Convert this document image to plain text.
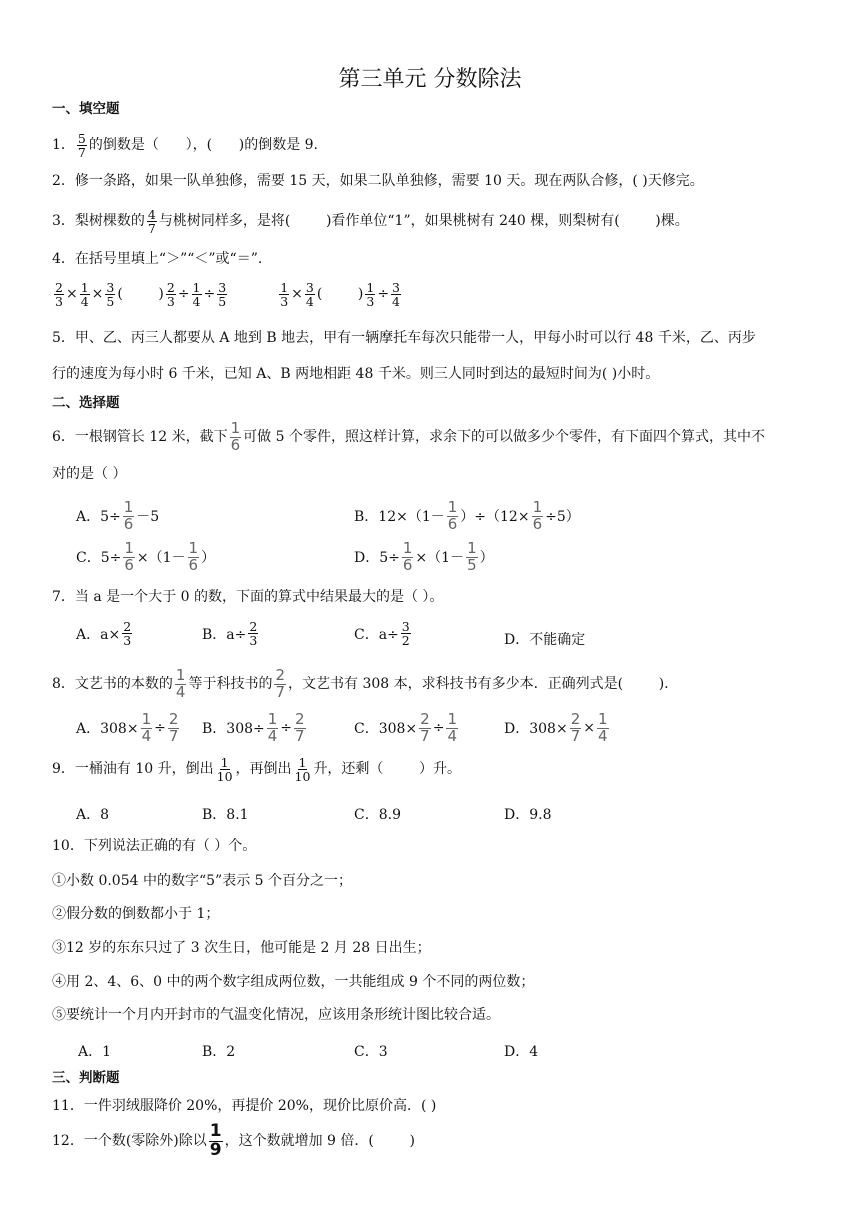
第三单元 分数除法
一、填空题
1． $\frac{5}{7}$ 的倒数是（      ），(      )的倒数是 9.
2．修一条路，如果一队单独修，需要 15 天，如果二队单独修，需要 10 天。现在两队合修，( )天修完。
3．梨树棵数的 $\frac{4}{7}$ 与桃树同样多，是将(        )看作单位“1”，如果桃树有 240 棵，则梨树有(        )棵。
4．在括号里填上“＞”“＜”或“＝”.
$\frac{2}{3} \times \frac{1}{4} \times \frac{3}{5}$ (        ) $\frac{2}{3} \div \frac{1}{4} \div \frac{3}{5}$	$\frac{1}{3} \times \frac{3}{4}$ (        ) $\frac{1}{3} \div \frac{3}{4}$
5．甲、乙、丙三人都要从 A 地到 B 地去，甲有一辆摩托车每次只能带一人，甲每小时可以行 48 千米，乙、丙步
行的速度为每小时 6 千米，已知 A、B 两地相距 48 千米。则三人同时到达的最短时间为( )小时。
二、选择题
6．一根钢管长 12 米，截下 $\frac{1}{6}$ 可做 5 个零件，照这样计算，求余下的可以做多少个零件，有下面四个算式，其中不
对的是（ ）
A．$5\div \frac{1}{6} -5$	B．$12\times(1- \frac{1}{6} )\div(12\times \frac{1}{6} \div 5)$
C．$5\div \frac{1}{6} \times(1- \frac{1}{6}$ ）	D．$5\div \frac{1}{6} \times(1- \frac{1}{5}$ ）
7．当 a 是一个大于 0 的数，下面的算式中结果最大的是（ ）。
A．$a\times \frac{2}{3}$	B．$a\div \frac{2}{3}$	C．$a\div \frac{3}{2}$	D．不能确定
8．文艺书的本数的 $\frac{1}{4}$ 等于科技书的 $\frac{2}{7}$ ，文艺书有 308 本，求科技书有多少本．正确列式是(        ).
A．$308\times \frac{1}{4} \div \frac{2}{7}$ B．$308\div \frac{1}{4} \div \frac{2}{7}$	C．$308\times \frac{2}{7} \div \frac{1}{4}$	D．$308\times \frac{2}{7} \times \frac{1}{4}$
9．一桶油有 10 升，倒出 $\frac{1}{10}$ ，再倒出 $\frac{1}{10}$ 升，还剩（        ）升。
A．8	B．8.1	C．8.9	D．9.8
10．下列说法正确的有（ ）个。
①小数 0.054 中的数字“5”表示 5 个百分之一；
②假分数的倒数都小于 1；
③12 岁的东东只过了 3 次生日，他可能是 2 月 28 日出生；
④用 2、4、6、0 中的两个数字组成两位数，一共能组成 9 个不同的两位数；
⑤要统计一个月内开封市的气温变化情况，应该用条形统计图比较合适。
A．1	B．2	C．3	D．4
三、判断题
11．一件羽绒服降价 20%，再提价 20%，现价比原价高．( )
12．一个数(零除外)除以 $\frac{1}{9}$ ，这个数就增加 9 倍．(        )
